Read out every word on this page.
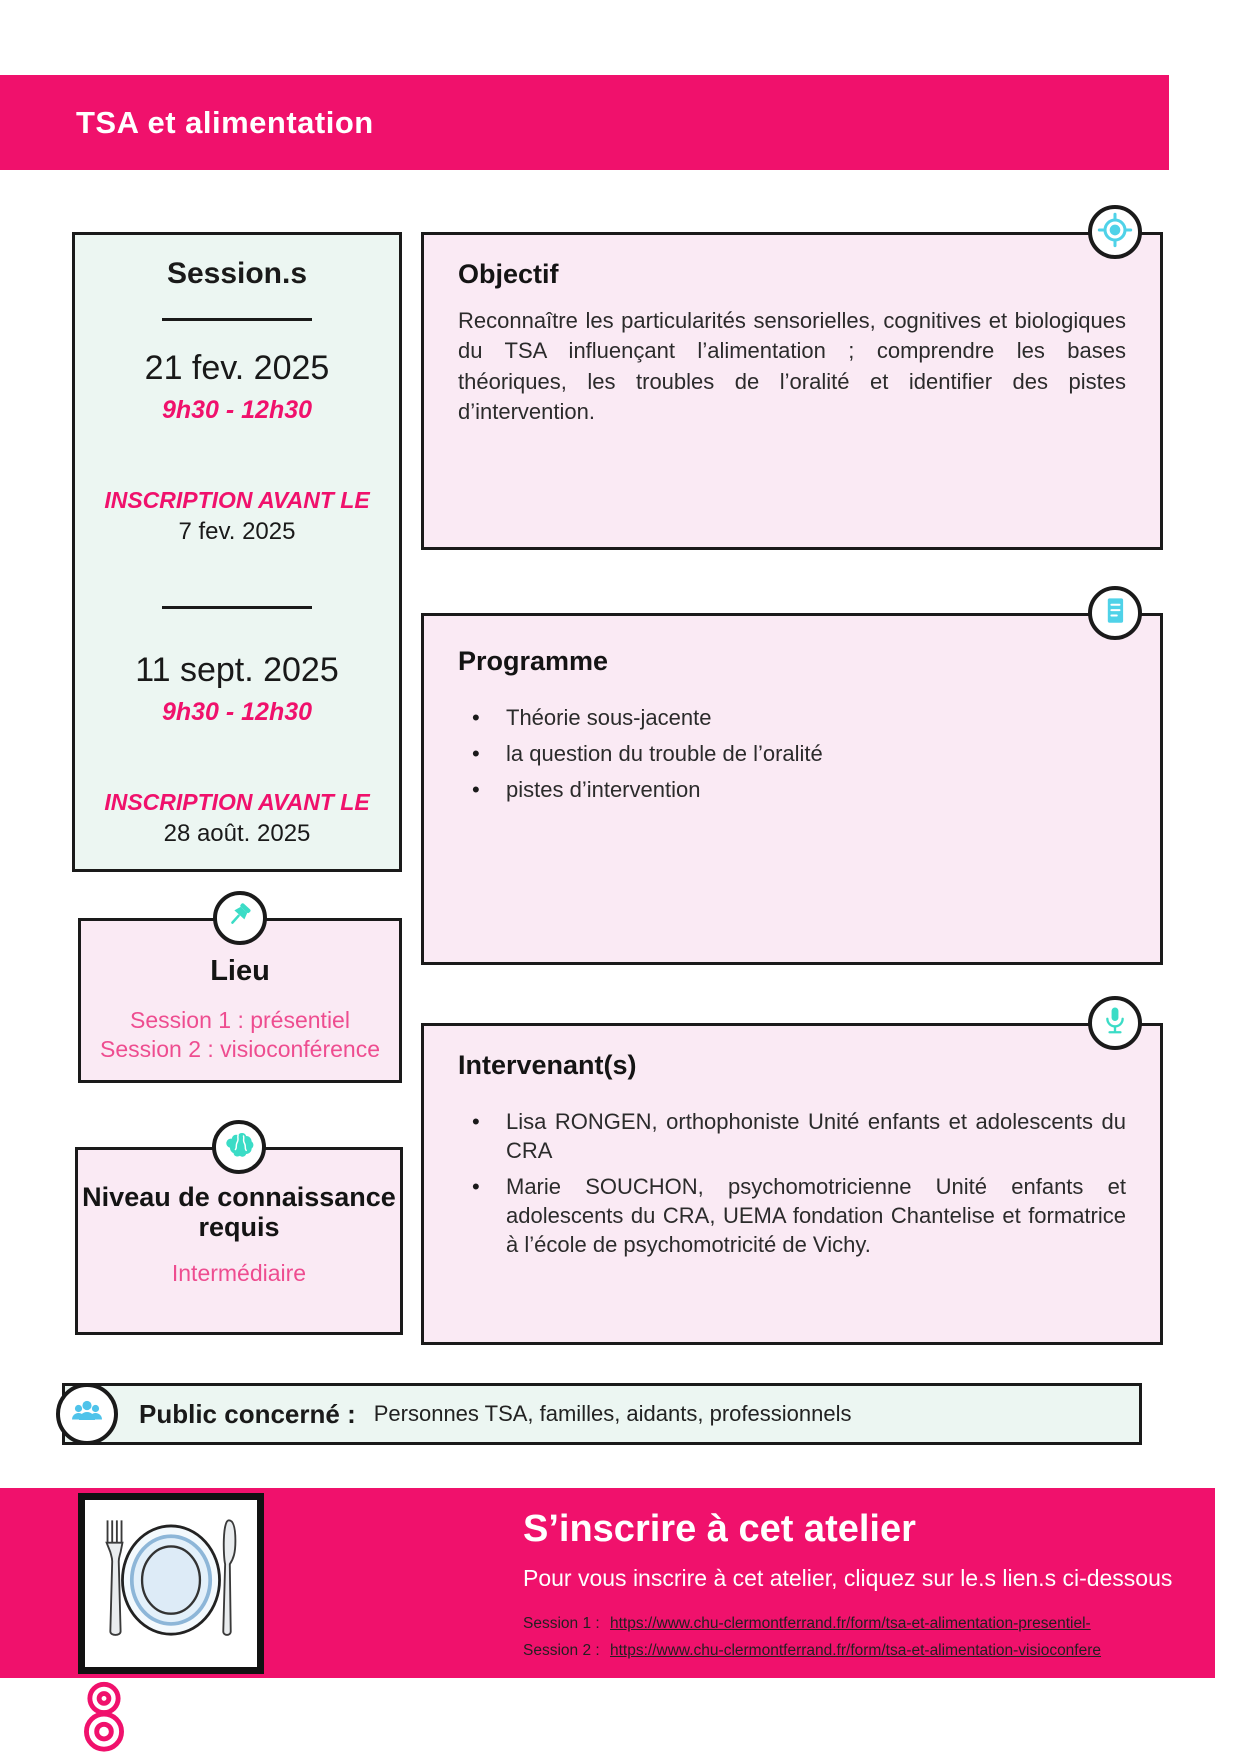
TSA et alimentation

Session.s

21 fev. 2025
9h30 - 12h30
INSCRIPTION AVANT LE
7 fev. 2025
11 sept. 2025
9h30 - 12h30
INSCRIPTION AVANT LE
28 août. 2025

Objectif

Reconnaître les particularités sensorielles, cognitives et biologiques du TSA influençant l’alimentation ; comprendre les bases théoriques, les troubles de l’oralité et identifier des pistes d’intervention.

Programme

• Théorie sous-jacente
• la question du trouble de l’oralité
• pistes d’intervention

Intervenant(s)

• Lisa RONGEN, orthophoniste Unité enfants et adolescents du CRA
• Marie SOUCHON, psychomotricienne Unité enfants et adolescents du CRA, UEMA fondation Chantelise et formatrice à l’école de psychomotricité de Vichy.

Lieu

Session 1 : présentiel
Session 2 : visioconférence

Niveau de connaissance requis

Intermédiaire
Public concerné : Personnes TSA, familles, aidants, professionnels

S’inscrire à cet atelier

Pour vous inscrire à cet atelier, cliquez sur le.s lien.s ci-dessous
Session 1 : https://www.chu-clermontferrand.fr/form/tsa-et-alimentation-presentiel-
Session 2 : https://www.chu-clermontferrand.fr/form/tsa-et-alimentation-visioconfere
